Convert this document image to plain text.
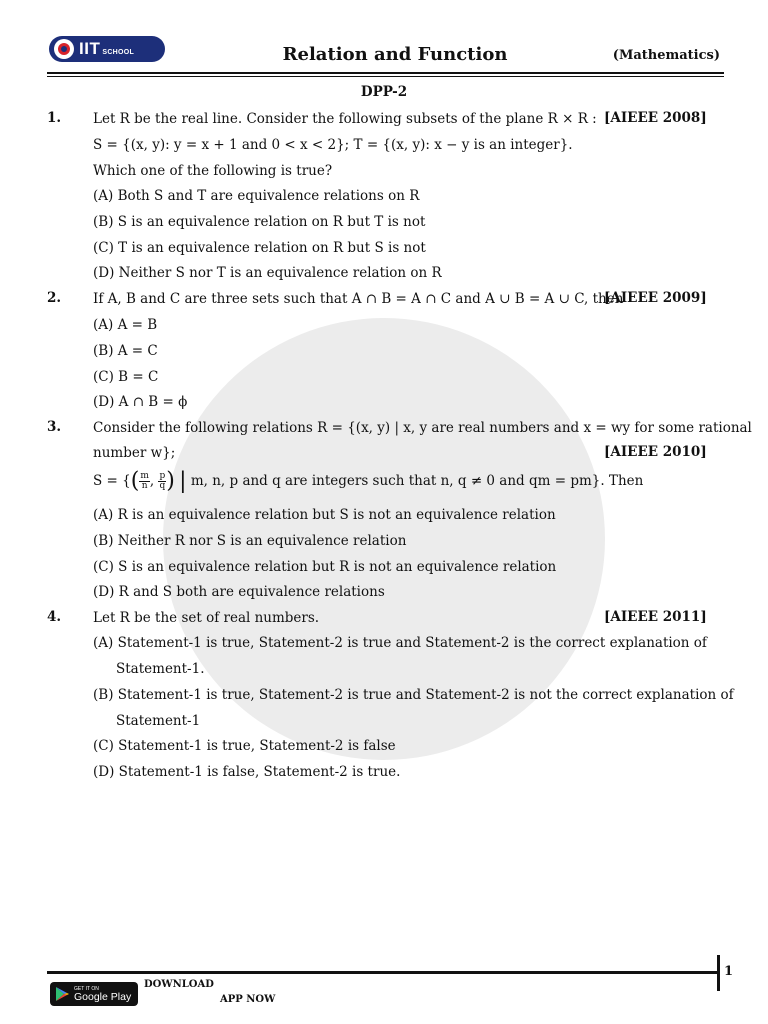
IIT SCHOOL	Relation and Function	(Mathematics)
DPP-2
1.	[AIEEE 2008]
Let R be the real line. Consider the following subsets of the plane R × R :
S = {(x, y): y = x + 1 and 0 < x < 2}; T = {(x, y): x − y is an integer}.
Which one of the following is true?
(A) Both S and T are equivalence relations on R
(B) S is an equivalence relation on R but T is not
(C) T is an equivalence relation on R but S is not
(D) Neither S nor T is an equivalence relation on R
2.	[AIEEE 2009]
If A, B and C are three sets such that A ∩ B = A ∩ C and A ∪ B = A ∪ C, then
(A) A = B
(B) A = C
(C) B = C
(D) A ∩ B = ϕ
3. Consider the following relations R = {(x, y) | x, y are real numbers and x = wy for some rational
number w};	[AIEEE 2010]
S = {( $\frac{m}{n}$ , $\frac{p}{q}$ ) | m, n, p and q are integers such that n, q ≠ 0 and qm = pm}. Then
(A) R is an equivalence relation but S is not an equivalence relation
(B) Neither R nor S is an equivalence relation
(C) S is an equivalence relation but R is not an equivalence relation
(D) R and S both are equivalence relations
4.	[AIEEE 2011]
Let R be the set of real numbers.
(A) Statement-1 is true, Statement-2 is true and Statement-2 is the correct explanation of
Statement-1.
(B) Statement-1 is true, Statement-2 is true and Statement-2 is not the correct explanation of
Statement-1
(C) Statement-1 is true, Statement-2 is false
(D) Statement-1 is false, Statement-2 is true.
1
GET IT ON
Google Play
DOWNLOAD
APP NOW
